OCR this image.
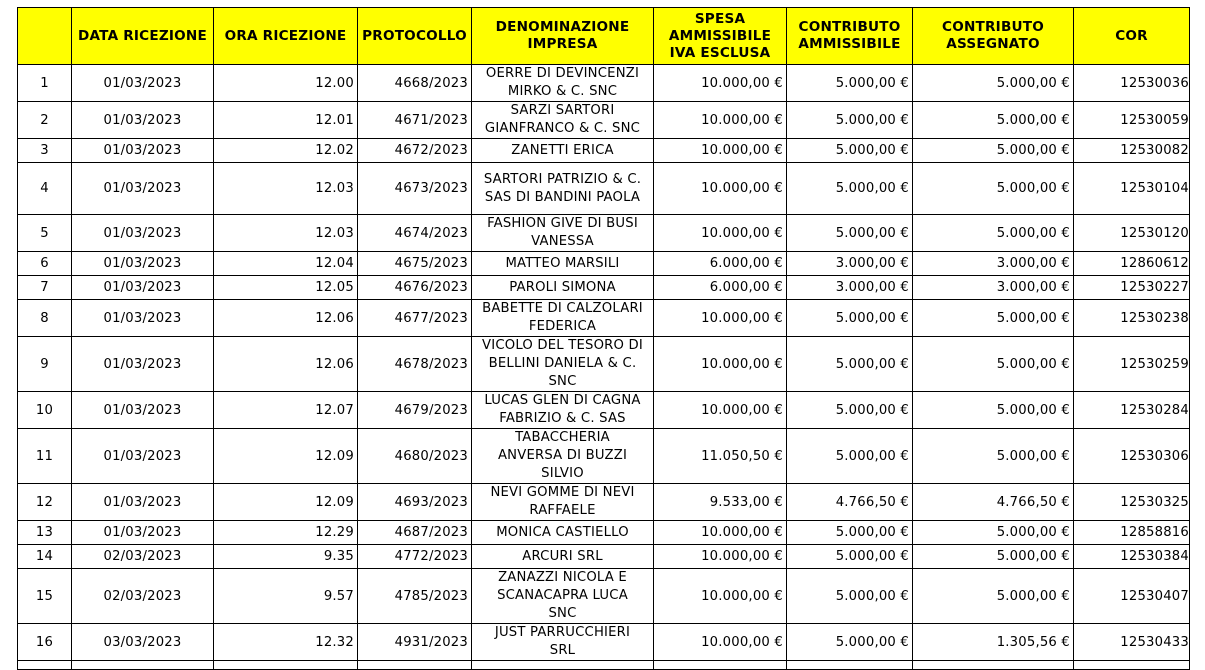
	DATA RICEZIONE	ORA RICEZIONE	PROTOCOLLO	DENOMINAZIONE IMPRESA	SPESA AMMISSIBILE IVA ESCLUSA	CONTRIBUTO AMMISSIBILE	CONTRIBUTO ASSEGNATO	COR
1	01/03/2023	12.00	4668/2023	OERRE DI DEVINCENZI
MIRKO & C. SNC	10.000,00 €	5.000,00 €	5.000,00 €	12530036
2	01/03/2023	12.01	4671/2023	SARZI SARTORI
GIANFRANCO & C. SNC	10.000,00 €	5.000,00 €	5.000,00 €	12530059
3	01/03/2023	12.02	4672/2023	ZANETTI ERICA	10.000,00 €	5.000,00 €	5.000,00 €	12530082
4	01/03/2023	12.03	4673/2023	SARTORI PATRIZIO & C.
SAS DI BANDINI PAOLA	10.000,00 €	5.000,00 €	5.000,00 €	12530104
5	01/03/2023	12.03	4674/2023	FASHION GIVE DI BUSI
VANESSA	10.000,00 €	5.000,00 €	5.000,00 €	12530120
6	01/03/2023	12.04	4675/2023	MATTEO MARSILI	6.000,00 €	3.000,00 €	3.000,00 €	12860612
7	01/03/2023	12.05	4676/2023	PAROLI SIMONA	6.000,00 €	3.000,00 €	3.000,00 €	12530227
8	01/03/2023	12.06	4677/2023	BABETTE DI CALZOLARI
FEDERICA	10.000,00 €	5.000,00 €	5.000,00 €	12530238
9	01/03/2023	12.06	4678/2023	VICOLO DEL TESORO DI
BELLINI DANIELA & C.
SNC	10.000,00 €	5.000,00 €	5.000,00 €	12530259
10	01/03/2023	12.07	4679/2023	LUCAS GLEN DI CAGNA
FABRIZIO & C. SAS	10.000,00 €	5.000,00 €	5.000,00 €	12530284
11	01/03/2023	12.09	4680/2023	TABACCHERIA
ANVERSA DI BUZZI
SILVIO	11.050,50 €	5.000,00 €	5.000,00 €	12530306
12	01/03/2023	12.09	4693/2023	NEVI GOMME DI NEVI
RAFFAELE	9.533,00 €	4.766,50 €	4.766,50 €	12530325
13	01/03/2023	12.29	4687/2023	MONICA CASTIELLO	10.000,00 €	5.000,00 €	5.000,00 €	12858816
14	02/03/2023	9.35	4772/2023	ARCURI SRL	10.000,00 €	5.000,00 €	5.000,00 €	12530384
15	02/03/2023	9.57	4785/2023	ZANAZZI NICOLA E
SCANACAPRA LUCA
SNC	10.000,00 €	5.000,00 €	5.000,00 €	12530407
16	03/03/2023	12.32	4931/2023	JUST PARRUCCHIERI
SRL	10.000,00 €	5.000,00 €	1.305,56 €	12530433
